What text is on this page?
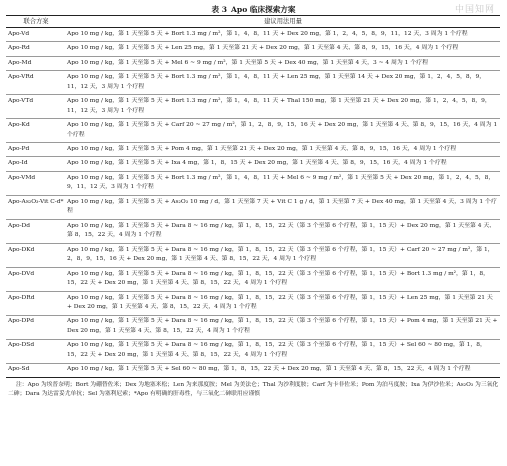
中国知网
表 3 Apo 临床探索方案
联合方案	建议用法用量
Apo-Vd	Apo 10 mg / kg，第 1 天至第 5 天 + Bort 1.3 mg / m²，第 1，4，8，11 天 + Dex 20 mg，第 1，2，4，5，8，9，11，12 天，3 周为 1 个疗程
Apo-Rd	Apo 10 mg / kg，第 1 天至第 5 天 + Len 25 mg，第 1 天至第 21 天 + Dex 20 mg，第 1 天至第 4 天、第 8，9，15，16 天，4 周为 1 个疗程
Apo-Md	Apo 10 mg / kg，第 1 天至第 5 天 + Mel 6 ~ 9 mg / m²，第 1 天至第 5 天 + Dex 40 mg，第 1 天至第 4 天，3 ~ 4 周为 1 个疗程
Apo-VRd	Apo 10 mg / kg，第 1 天至第 5 天 + Bort 1.3 mg / m²，第 1，4，8，11 天 + Len 25 mg，第 1 天至第 14 天 + Dex 20 mg，第 1，2，4，5，8，9，11，12 天，3 周为 1 个疗程
Apo-VTd	Apo 10 mg / kg，第 1 天至第 5 天 + Bort 1.3 mg / m²，第 1，4，8，11 天 + Thal 150 mg，第 1 天至第 21 天 + Dex 20 mg，第 1，2，4，5，8，9，11，12 天，3 周为 1 个疗程
Apo-Kd	Apo 10 mg / kg，第 1 天至第 5 天 + Carf 20 ~ 27 mg / m²，第 1，2，8，9，15，16 天 + Dex 20 mg，第 1 天至第 4 天、第 8，9，15，16 天，4 周为 1 个疗程
Apo-Pd	Apo 10 mg / kg，第 1 天至第 5 天 + Pom 4 mg，第 1 天至第 21 天 + Dex 20 mg，第 1 天至第 4 天、第 8，9，15，16 天，4 周为 1 个疗程
Apo-Id	Apo 10 mg / kg，第 1 天至第 5 天 + Ixa 4 mg，第 1，8，15 天 + Dex 20 mg，第 1 天至第 4 天、第 8，9，15，16 天，4 周为 1 个疗程
Apo-VMd	Apo 10 mg / kg，第 1 天至第 5 天 + Bort 1.3 mg / m²，第 1，4，8，11 天 + Mel 6 ~ 9 mg / m²，第 1 天至第 5 天 + Dex 20 mg，第 1，2，4，5，8，9，11，12 天，3 周为 1 个疗程
Apo-As₂O₃-Vit C-d*	Apo 10 mg / kg，第 1 天至第 5 天 + As₂O₃ 10 mg / d，第 1 天至第 7 天 + Vit C 1 g / d，第 1 天至第 7 天 + Dex 40 mg，第 1 天至第 4 天，3 周为 1 个疗程
Apo-Dd	Apo 10 mg / kg，第 1 天至第 5 天 + Dara 8 ~ 16 mg / kg，第 1，8，15，22 天（第 3 个至第 6 个疗程，第 1，15 天）+ Dex 20 mg，第 1 天至第 4 天、第 8，15，22 天，4 周为 1 个疗程
Apo-DKd	Apo 10 mg / kg，第 1 天至第 5 天 + Dara 8 ~ 16 mg / kg，第 1，8，15，22 天（第 3 个至第 6 个疗程，第 1，15 天）+ Carf 20 ~ 27 mg / m²，第 1，2，8，9，15，16 天 + Dex 20 mg，第 1 天至第 4 天、第 8，15，22 天，4 周为 1 个疗程
Apo-DVd	Apo 10 mg / kg，第 1 天至第 5 天 + Dara 8 ~ 16 mg / kg，第 1，8，15，22 天（第 3 个至第 6 个疗程，第 1，15 天）+ Bort 1.3 mg / m²，第 1，8，15，22 天 + Dex 20 mg，第 1 天至第 4 天、第 8，15，22 天，4 周为 1 个疗程
Apo-DRd	Apo 10 mg / kg，第 1 天至第 5 天 + Dara 8 ~ 16 mg / kg，第 1，8，15，22 天（第 3 个至第 6 个疗程，第 1，15 天）+ Len 25 mg，第 1 天至第 21 天 + Dex 20 mg，第 1 天至第 4 天、第 8，15，22 天，4 周为 1 个疗程
Apo-DPd	Apo 10 mg / kg，第 1 天至第 5 天 + Dara 8 ~ 16 mg / kg，第 1，8，15，22 天（第 3 个至第 6 个疗程，第 1，15 天）+ Pom 4 mg，第 1 天至第 21 天 + Dex 20 mg，第 1 天至第 4 天、第 8，15，22 天，4 周为 1 个疗程
Apo-DSd	Apo 10 mg / kg，第 1 天至第 5 天 + Dara 8 ~ 16 mg / kg，第 1，8，15，22 天（第 3 个至第 6 个疗程，第 1，15 天）+ Sel 60 ~ 80 mg，第 1，8，15，22 天 + Dex 20 mg，第 1 天至第 4 天、第 8，15，22 天，4 周为 1 个疗程
Apo-Sd	Apo 10 mg / kg，第 1 天至第 5 天 + Sel 60 ~ 80 mg，第 1，8，15，22 天 + Dex 20 mg，第 1 天至第 4 天、第 8，15，22 天，4 周为 1 个疗程
注：Apo 为埃普奈明；Bort 为硼替佐米；Dex 为地塞米松；Len 为来那度胺；Mel 为美法仑；Thal 为沙利度胺；Carf 为卡非佐米；Pom 为泊马度胺；Ixa 为伊沙佐米；As₂O₃ 为三氧化二砷；Dara 为达雷妥尤单抗；Sel 为塞利尼索；*Apo 有明确的肝毒性，与三氧化二砷联用应谨慎
